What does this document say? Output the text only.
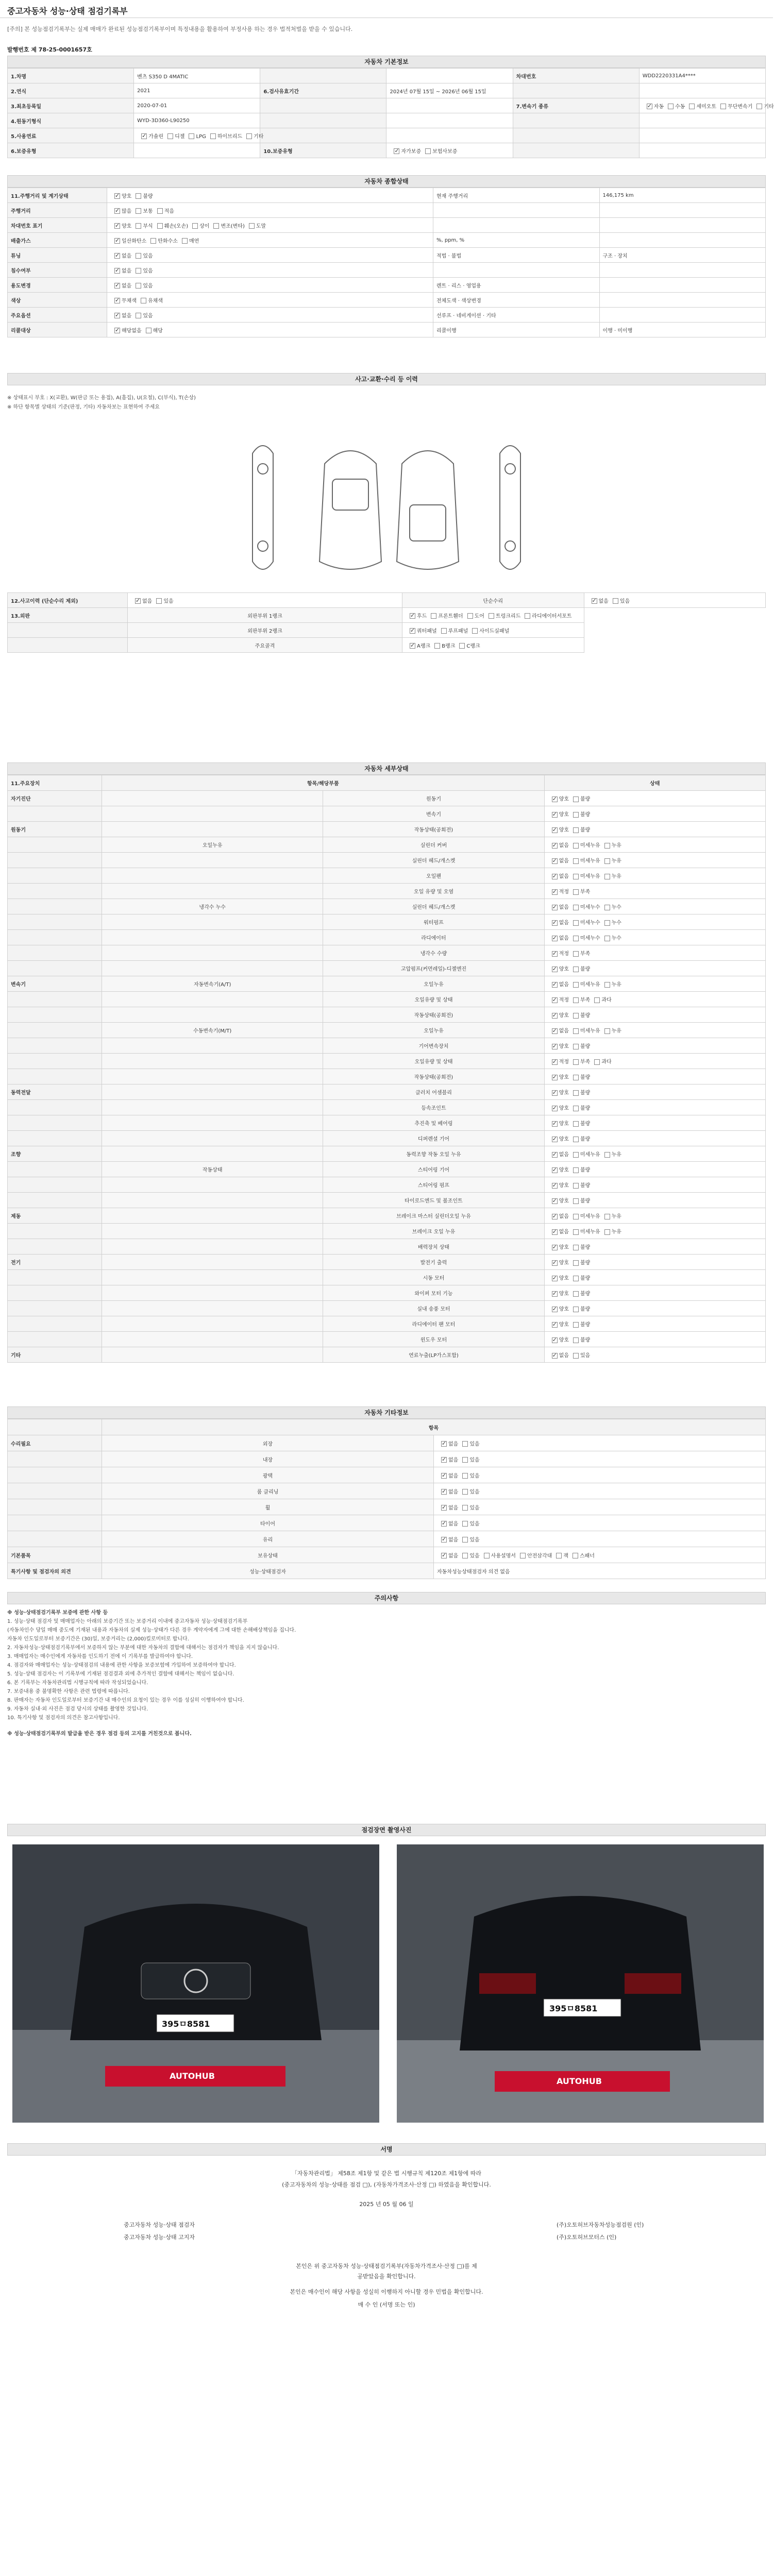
중고자동차 성능·상태 점검기록부
[주의] 본 성능점검기록부는 실제 매매가 완료된 성능점검기록부이며 특정내용을 활용하여 부정사용 하는 경우 법적처벌을 받을 수 있습니다.
발행번호 제 78-25-0001657호
자동차 기본정보
1.차명	벤츠 S350 D 4MATIC			차대번호	WDD2220331A4****
2.연식	2021	6.검사유효기간	2024년 07월 15일 ~ 2026년 06월 15일		
3.최초등록일	2020-07-01			7.변속기 종류	✓자동 수동 세미오토 무단변속기 기타
4.원동기형식	WYD-3D360-L90250				
5.사용연료	✓가솔린 디젤 LPG 하이브리드 기타				
6.보증유형		10.보증유형	✓자가보증 보험사보증		
자동차 종합상태
11.주행거리 및 계기상태	✓양호 불량	현재 주행거리	146,175 km
주행거리	✓많음 보통 적음		
차대번호 표기	✓양호 부식 훼손(오손) 상이 변조(변타) 도말		
배출가스	✓일산화탄소 탄화수소 매연	%, ppm, %	
튜닝	✓없음 있음	적법 · 불법	구조 · 장치
침수여부	✓없음 있음		
용도변경	✓없음 있음	렌트 · 리스 · 영업용	
색상	✓무채색 유채색	전체도색 · 색상변경	
주요옵션	✓없음 있음	선루프 · 네비게이션 · 기타	
리콜대상	✓해당없음 해당	리콜이행	이행 · 미이행
사고·교환·수리 등 이력
※ 상태표시 부호 : X(교환), W(판금 또는 용접), A(흠집), U(요철), C(부식), T(손상)
※ 하단 항목별 상태의 기준(판정, 기타) 자동차보는 표현하여 주세요
12.사고이력 (단순수리 제외)	✓없음 있음	단순수리	✓없음 있음
13.외판	외판부위 1랭크	✓후드 프론트휀더 도어 트렁크리드 라디에이터서포트
	외판부위 2랭크	✓쿼터패널 루프패널 사이드실패널
	주요골격	✓A랭크 B랭크 C랭크
자동차 세부상태
11.주요장치	항목/해당부품		상태
자기진단		원동기	✓양호 불량
		변속기	✓양호 불량
원동기		작동상태(공회전)	✓양호 불량
	오일누유	실린더 커버	✓없음 미세누유 누유
		실린더 헤드/개스켓	✓없음 미세누유 누유
		오일팬	✓없음 미세누유 누유
		오일 유량 및 오염	✓적정 부족
	냉각수 누수	실린더 헤드/개스켓	✓없음 미세누수 누수
		워터펌프	✓없음 미세누수 누수
		라디에이터	✓없음 미세누수 누수
		냉각수 수량	✓적정 부족
		고압펌프(커먼레일)-디젤엔진	✓양호 불량
변속기	자동변속기(A/T)	오일누유	✓없음 미세누유 누유
		오일유량 및 상태	✓적정 부족 과다
		작동상태(공회전)	✓양호 불량
	수동변속기(M/T)	오일누유	✓없음 미세누유 누유
		기어변속장치	✓양호 불량
		오일유량 및 상태	✓적정 부족 과다
		작동상태(공회전)	✓양호 불량
동력전달		클러치 어셈블리	✓양호 불량
		등속조인트	✓양호 불량
		추진축 및 베어링	✓양호 불량
		디퍼렌셜 기어	✓양호 불량
조향		동력조향 작동 오일 누유	✓없음 미세누유 누유
	작동상태	스티어링 기어	✓양호 불량
		스티어링 펌프	✓양호 불량
		타이로드엔드 및 볼조인트	✓양호 불량
제동		브레이크 마스터 실린더오일 누유	✓없음 미세누유 누유
		브레이크 오일 누유	✓없음 미세누유 누유
		배력장치 상태	✓양호 불량
전기		발전기 출력	✓양호 불량
		시동 모터	✓양호 불량
		와이퍼 모터 기능	✓양호 불량
		실내 송풍 모터	✓양호 불량
		라디에이터 팬 모터	✓양호 불량
		윈도우 모터	✓양호 불량
기타		연료누출(LP가스포함)	✓없음 있음
자동차 기타정보
	항목	
수리필요	외장	✓없음 있음
	내장	✓없음 있음
	광택	✓없음 있음
	룸 클리닝	✓없음 있음
	휠	✓없음 있음
	타이어	✓없음 있음
	유리	✓없음 있음
기본품목	보유상태	✓없음 있음 사용설명서 안전삼각대 잭 스패너
특기사항 및 점검자의 의견	성능·상태점검자	자동차성능상태점검자 의견 없음
주의사항
※ 성능·상태점검기록부 보증에 관한 사항 등
1. 성능·상태 점검자 및 매매업자는 아래의 보증기간 또는 보증거리 이내에 중고자동차 성능·상태점검기록부
(자동차인수 당일 매매 중도에 기재된 내용과 자동차의 실제 성능·상태가 다른 경우 계약자에게 그에 대한 손해배상책임을 집니다.
자동차 인도일로부터 보증기간은 (30)일, 보증거리는 (2,000)킬로미터로 합니다.
2. 자동차성능·상태점검기록부에서 보증하지 않는 부분에 대한 자동차의 결함에 대해서는 점검자가 책임을 지지 않습니다.
3. 매매업자는 매수인에게 자동차를 인도하기 전에 이 기록부를 발급하여야 합니다.
4. 점검자와 매매업자는 성능·상태점검의 내용에 관한 사항을 보증보험에 가입하여 보증하여야 합니다.
5. 성능·상태 점검자는 이 기록부에 기재된 점검결과 외에 추가적인 결함에 대해서는 책임이 없습니다.
6. 본 기록부는 자동차관리법 시행규칙에 따라 작성되었습니다.
7. 보증내용 중 불명확한 사항은 관련 법령에 따릅니다.
8. 판매자는 자동차 인도일로부터 보증기간 내 매수인의 요청이 있는 경우 이를 성실히 이행하여야 합니다.
9. 자동차 실내·외 사진은 점검 당시의 상태를 촬영한 것입니다.
10. 특기사항 및 점검자의 의견은 참고사항입니다.
※ 성능·상태점검기록부의 발급을 받은 경우 점검 등의 고지를 거친것으로 봅니다.
점검장면 촬영사진
395ㅁ8581
AUTOHUB
395ㅁ8581
AUTOHUB
서명
「자동차관리법」 제58조 제1항 및 같은 법 시행규칙 제120조 제1항에 따라
(중고자동차의 성능·상태를 점검 □), (자동차가격조사·산정 □) 하였음을 확인합니다.
2025 년 05 월 06 일
중고자동차 성능·상태 점검자	(주)오토허브자동차성능점검원 (인)
중고자동차 성능·상태 고지자	(주)오토허브모터스 (인)
본인은 위 중고자동차 성능·상태점검기록부(자동차가격조사·산정 □)를 제
공받았음을 확인합니다.
본인은 매수인이 해당 사항을 성실히 이행하지 아니할 경우 민법을 확인합니다.
매 수 인 (서명 또는 인)
